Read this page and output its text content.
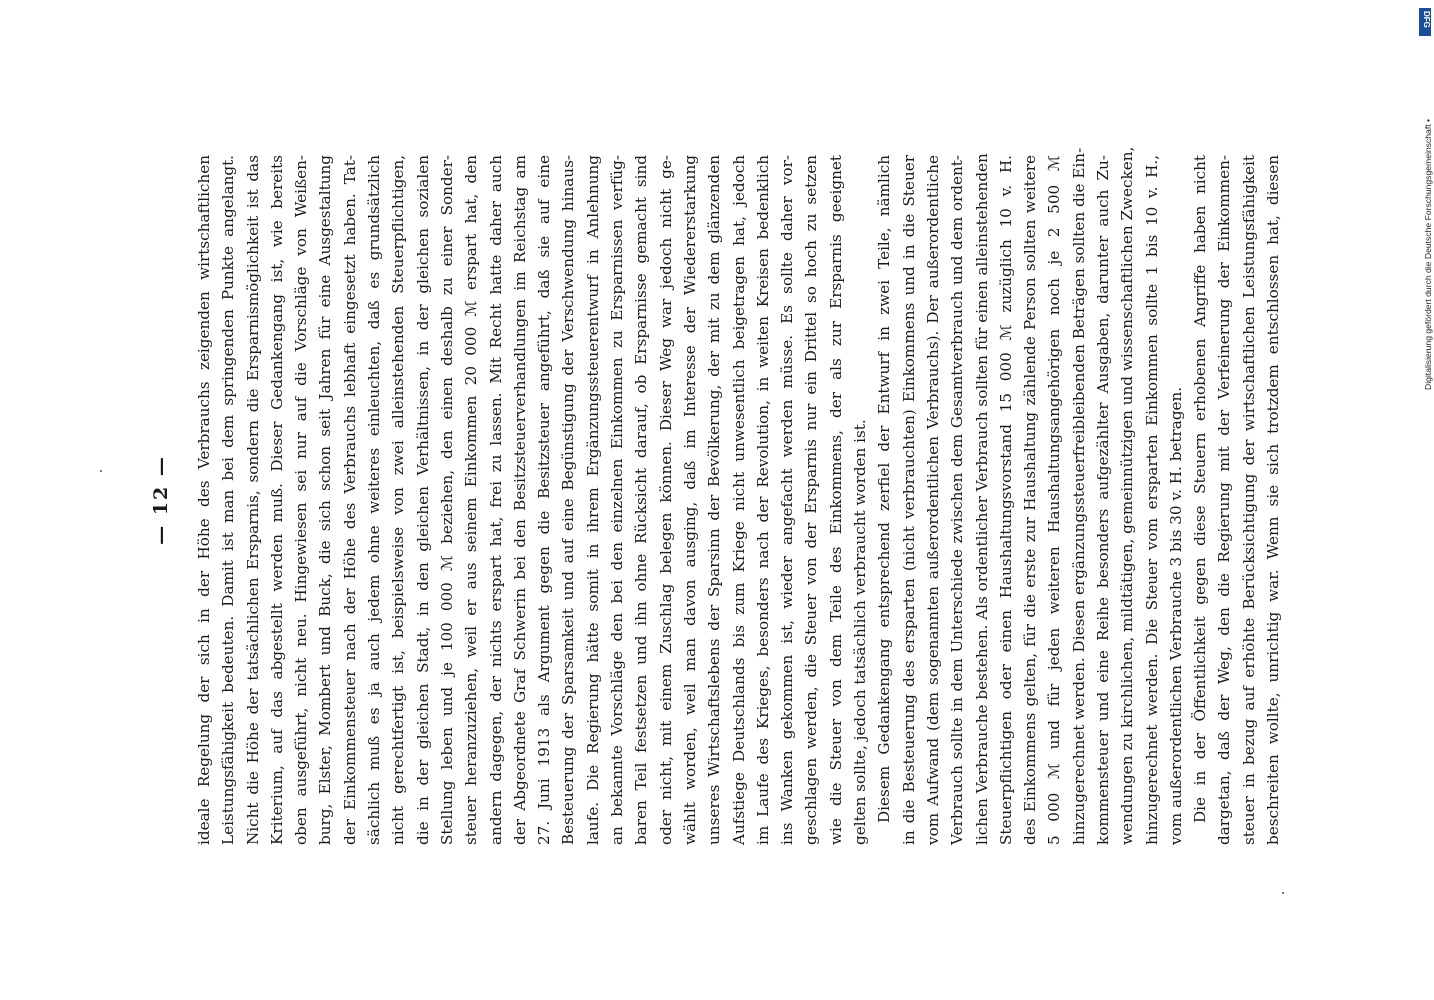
— 12 —	ideale Regelung der sich in der Höhe des Verbrauchs zeigenden wirtschaftlichen Leistungsfähigkeit bedeuten. Damit ist man bei dem springenden Punkte angelangt. Nicht die Höhe der tatsächlichen Ersparnis, sondern die Ersparnismöglichkeit ist das Kriterium, auf das abgestellt werden muß. Dieser Gedankengang ist, wie bereits oben ausgeführt, nicht neu. Hingewiesen sei nur auf die Vorschläge von Weißen- burg, Elster, Mombert und Buck, die sich schon seit Jahren für eine Ausgestaltung der Einkommensteuer nach der Höhe des Verbrauchs lebhaft eingesetzt haben. Tat- sächlich muß es ja auch jedem ohne weiteres einleuchten, daß es grundsätzlich nicht gerechtfertigt ist, beispielsweise von zwei alleinstehenden Steuerpflichtigen, die in der gleichen Stadt, in den gleichen Verhältnissen, in der gleichen sozialen Stellung leben und je 100 000 ℳ beziehen, den einen deshalb zu einer Sonder- steuer heranzuziehen, weil er aus seinem Einkommen 20 000 ℳ erspart hat, den andern dagegen, der nichts erspart hat, frei zu lassen. Mit Recht hatte daher auch der Abgeordnete Graf Schwerin bei den Besitzsteuerverhandlungen im Reichstag am 27. Juni 1913 als Argument gegen die Besitzsteuer angeführt, daß sie auf eine Besteuerung der Sparsamkeit und auf eine Begünstigung der Verschwendung hinaus- laufe. Die Regierung hätte somit in ihrem Ergänzungssteuerentwurf in Anlehnung an bekannte Vorschläge den bei den einzelnen Einkommen zu Ersparnissen verfüg- baren Teil festsetzen und ihn ohne Rücksicht darauf, ob Ersparnisse gemacht sind oder nicht, mit einem Zuschlag belegen können. Dieser Weg war jedoch nicht ge- wählt worden, weil man davon ausging, daß im Interesse der Wiedererstarkung unseres Wirtschaftslebens der Sparsinn der Bevölkerung, der mit zu dem glänzenden Aufstiege Deutschlands bis zum Kriege nicht unwesentlich beigetragen hat, jedoch im Laufe des Krieges, besonders nach der Revolution, in weiten Kreisen bedenklich ins Wanken gekommen ist, wieder angefacht werden müsse. Es sollte daher vor- geschlagen werden, die Steuer von der Ersparnis nur ein Drittel so hoch zu setzen wie die Steuer von dem Teile des Einkommens, der als zur Ersparnis geeignet gelten sollte, jedoch tatsächlich verbraucht worden ist. Diesem Gedankengang entsprechend zerfiel der Entwurf in zwei Teile, nämlich in die Besteuerung des ersparten (nicht verbrauchten) Einkommens und in die Steuer vom Aufwand (dem sogenannten außerordentlichen Verbrauchs). Der außerordentliche Verbrauch sollte in dem Unterschiede zwischen dem Gesamtverbrauch und dem ordent- lichen Verbrauche bestehen. Als ordentlicher Verbrauch sollten für einen alleinstehenden Steuerpflichtigen oder einen Haushaltungsvorstand 15 000 ℳ zuzüglich 10 v. H. des Einkommens gelten, für die erste zur Haushaltung zählende Person sollten weitere 5 000 ℳ und für jeden weiteren Haushaltungsangehörigen noch je 2 500 ℳ hinzugerechnet werden. Diesen ergänzungssteuerfreibleibenden Beträgen sollten die Ein- kommensteuer und eine Reihe besonders aufgezählter Ausgaben, darunter auch Zu- wendungen zu kirchlichen, mildtätigen, gemeinnützigen und wissenschaftlichen Zwecken, hinzugerechnet werden. Die Steuer vom ersparten Einkommen sollte 1 bis 10 v. H., vom außerordentlichen Verbrauche 3 bis 30 v. H. betragen. Die in der Öffentlichkeit gegen diese Steuern erhobenen Angriffe haben nicht dargetan, daß der Weg, den die Regierung mit der Verfeinerung der Einkommen- steuer in bezug auf erhöhte Berücksichtigung der wirtschaftlichen Leistungsfähigkeit beschreiten wollte, unrichtig war. Wenn sie sich trotzdem entschlossen hat, diesen	Digitalisierung gefördert durch die Deutsche Forschungsgemeinschaft •
DFG
